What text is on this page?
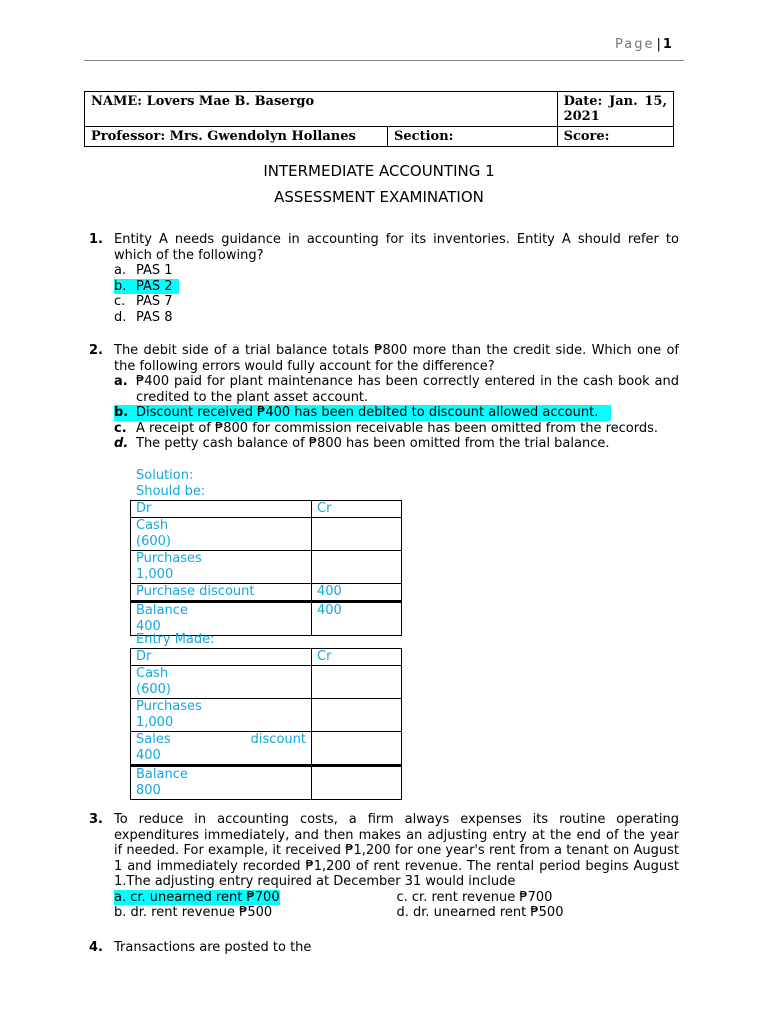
Page | 1
NAME: Lovers Mae B. Basergo		Date: Jan. 15,
2021

Professor: Mrs. Gwendolyn Hollanes	Section:	Score:
INTERMEDIATE ACCOUNTING 1
ASSESSMENT EXAMINATION
1. Entity A needs guidance in accounting for its inventories. Entity A should refer to which of the following?
a. PAS 1
b. PAS 2
c. PAS 7
d. PAS 8
2. The debit side of a trial balance totals ₱800 more than the credit side. Which one of the following errors would fully account for the difference?
a. ₱400 paid for plant maintenance has been correctly entered in the cash book and credited to the plant asset account.
b. Discount received ₱400 has been debited to discount allowed account.
c. A receipt of ₱800 for commission receivable has been omitted from the records.
d. The petty cash balance of ₱800 has been omitted from the trial balance.
Solution:
Should be:
Dr	Cr

Cash
(600)	

Purchases
1,000	

Purchase discount	400

Balance
400	400
Entry Made:
Dr	Cr

Cash
(600)	

Purchases
1,000	

Sales discount
400	

Balance
800	

3. To reduce in accounting costs, a firm always expenses its routine operating expenditures immediately, and then makes an adjusting entry at the end of the year if needed. For example, it received ₱1,200 for one year's rent from a tenant on August 1 and immediately recorded ₱1,200 of rent revenue. The rental period begins August 1.The adjusting entry required at December 31 would include
a. cr. unearned rent ₱700	c. cr. rent revenue ₱700
b. dr. rent revenue ₱500	d. dr. unearned rent ₱500
4. Transactions are posted to the
